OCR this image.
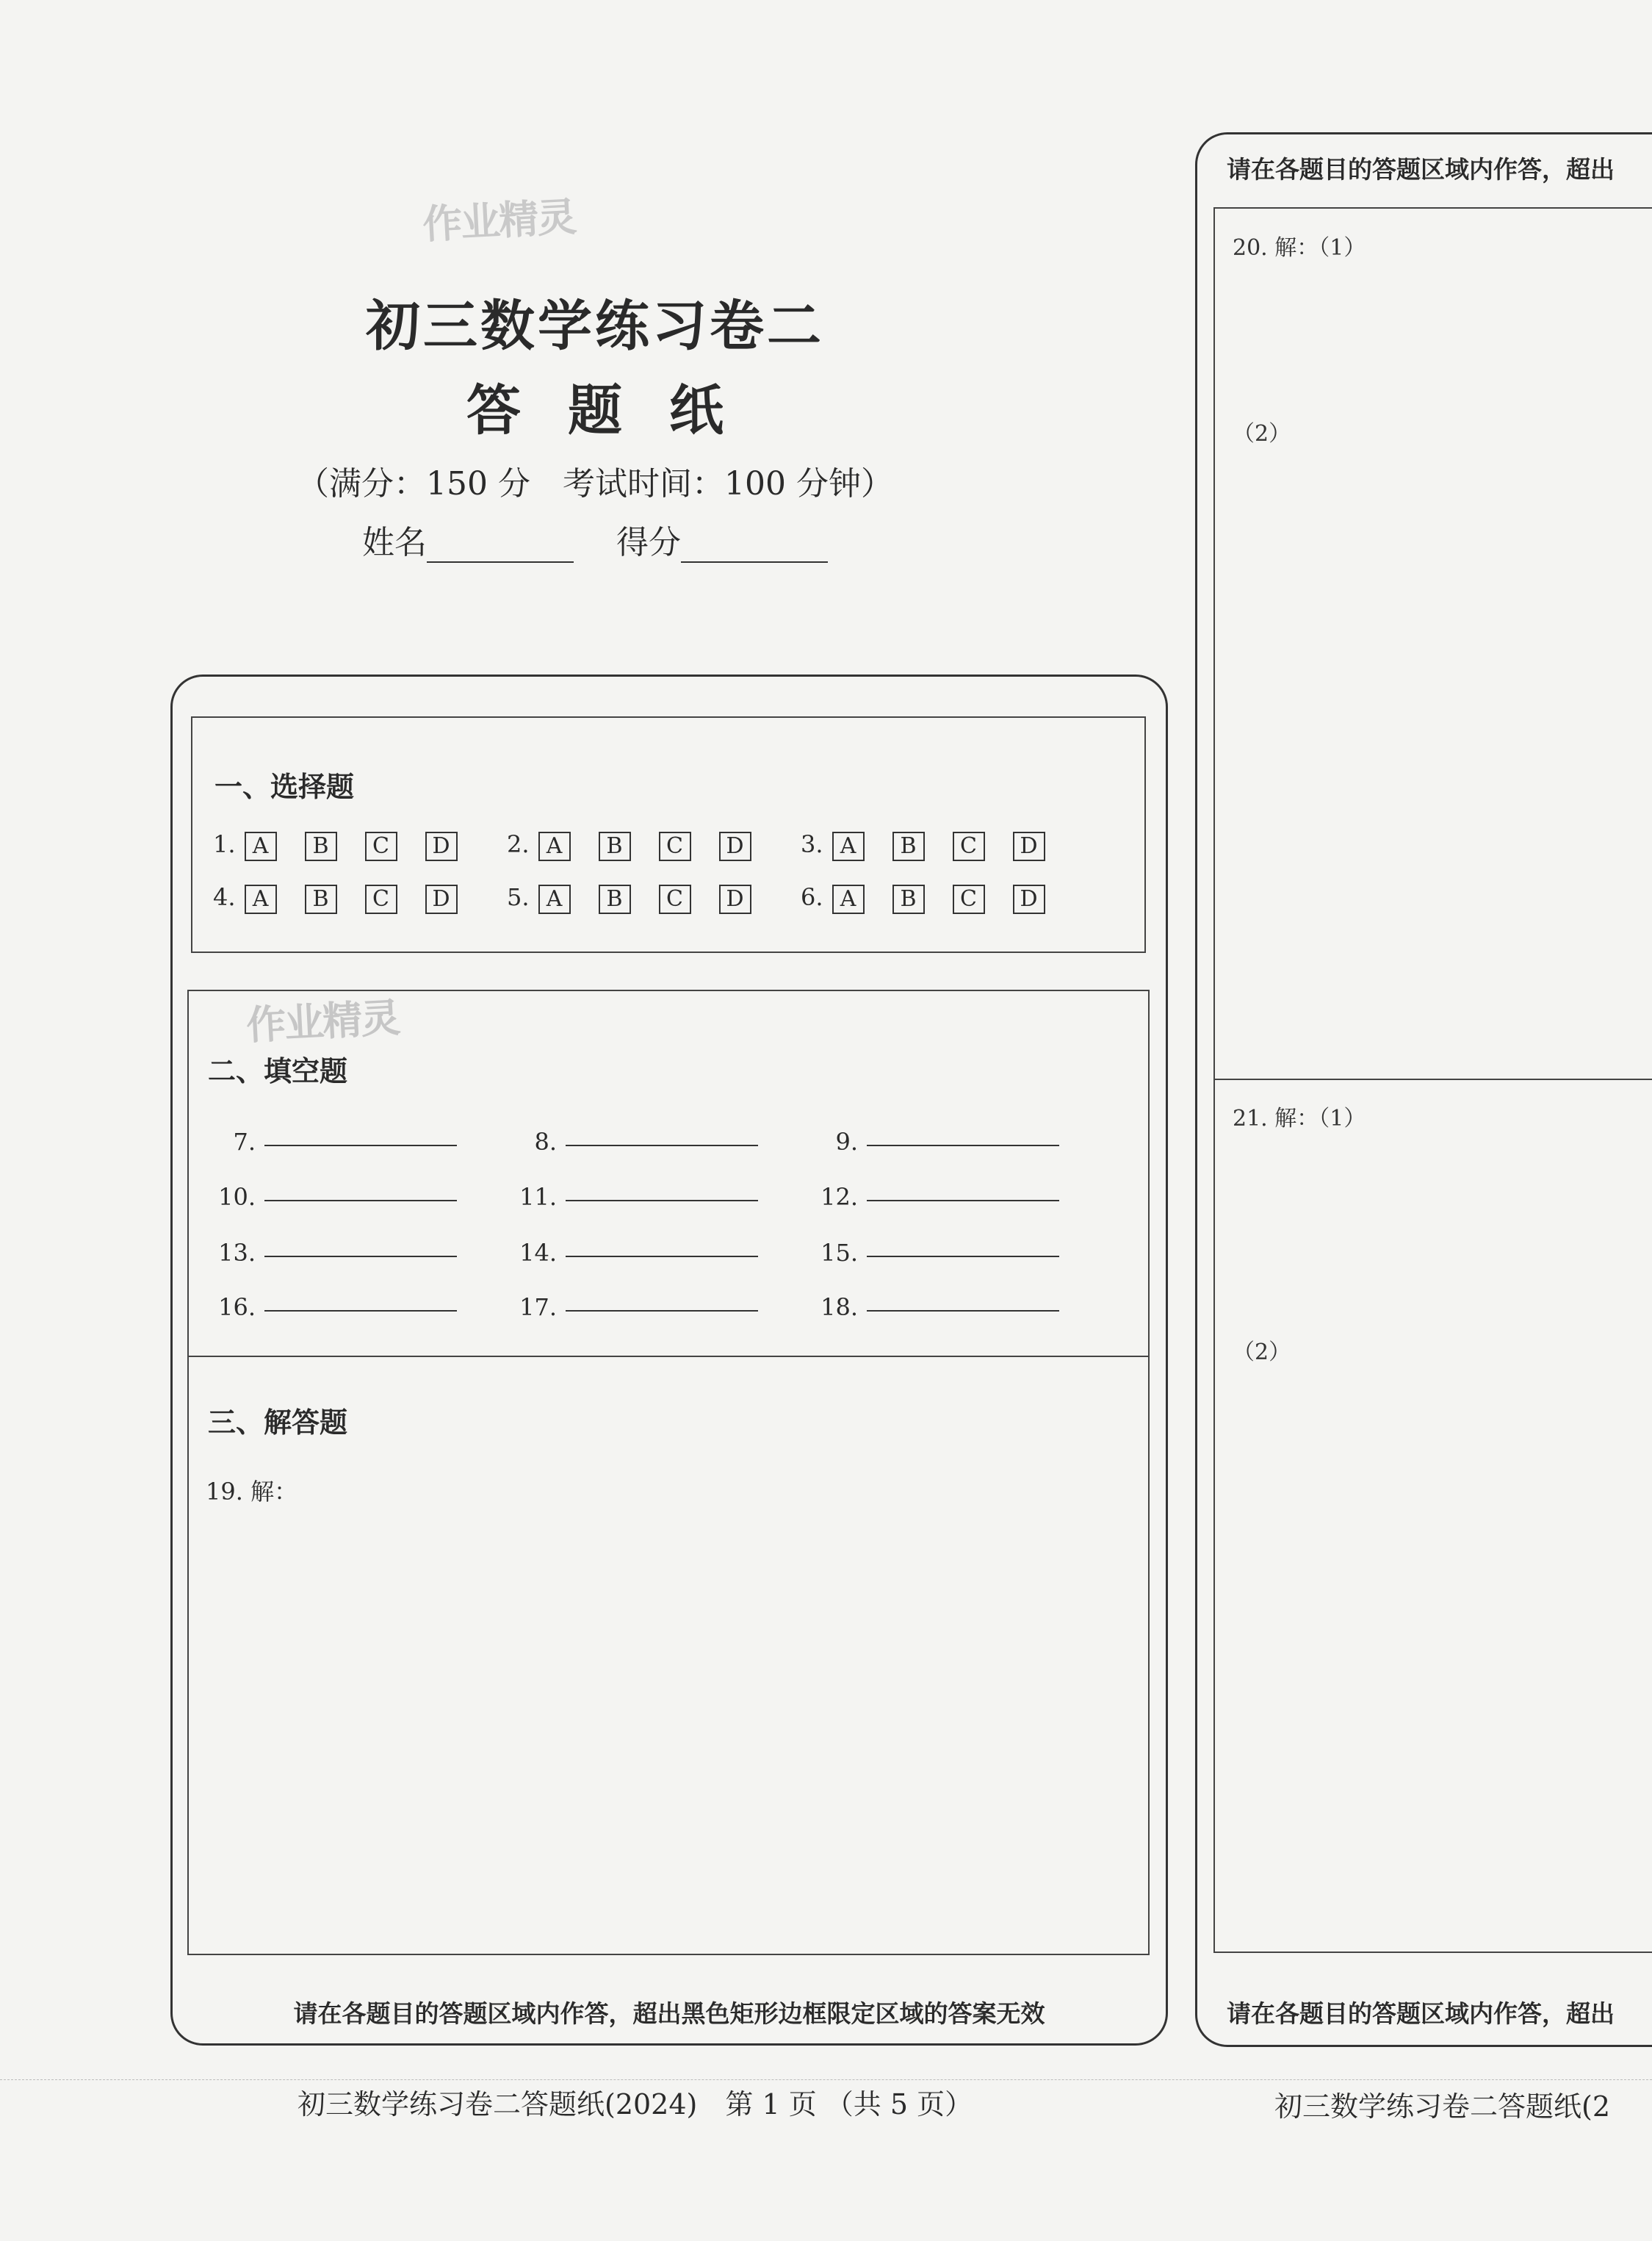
作业精灵
初三数学练习卷二
答 题 纸
（满分：150 分　考试时间：100 分钟）
姓名	得分
一、选择题
1. A B C D	2. A B C D	3. A B C D
4. A B C D	5. A B C D	6. A B C D
作业精灵
二、填空题
7.	8.	9.
10.	11.	12.
13.	14.	15.
16.	17.	18.
三、解答题
19. 解：
请在各题目的答题区域内作答，超出黑色矩形边框限定区域的答案无效
请在各题目的答题区域内作答，超出
20. 解：（1）
（2）
21. 解：（1）
（2）
请在各题目的答题区域内作答，超出
初三数学练习卷二答题纸(2024)　第 1 页 （共 5 页）	初三数学练习卷二答题纸(2
